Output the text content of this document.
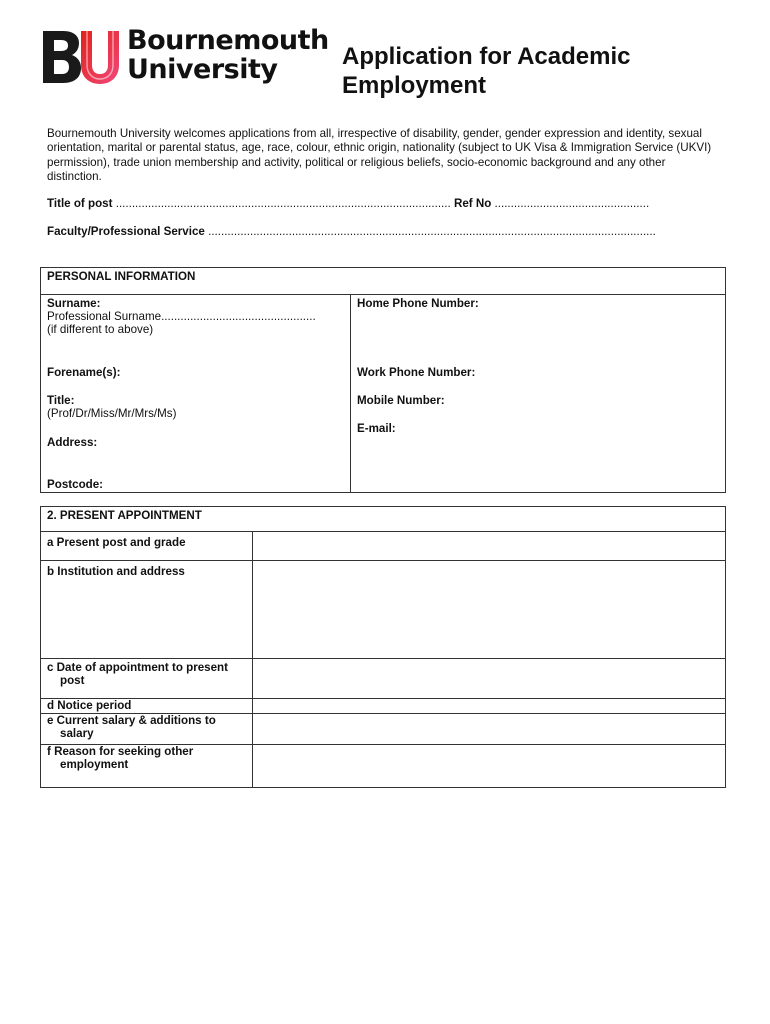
Bournemouth
University	Application for Academic
Employment
Bournemouth University welcomes applications from all, irrespective of disability, gender, gender expression and identity, sexual orientation, marital or parental status, age, race, colour, ethnic origin, nationality (subject to UK Visa & Immigration Service (UKVI) permission), trade union membership and activity, political or religious beliefs, socio-economic background and any other distinction.
Title of post ........................................................................................................ Ref No ................................................
Faculty/Professional Service ...........................................................................................................................................
PERSONAL INFORMATION

Surname:
Professional Surname................................................
(if different to above)
Forename(s):
Title:
(Prof/Dr/Miss/Mr/Mrs/Ms)
Address:
Postcode:

Home Phone Number:
Work Phone Number:
Mobile Number:
E-mail:
2. PRESENT APPOINTMENT	
a Present post and grade	
b Institution and address	
c Date of appointment to present post	
d Notice period	
e Current salary & additions to salary	
f Reason for seeking other employment	
